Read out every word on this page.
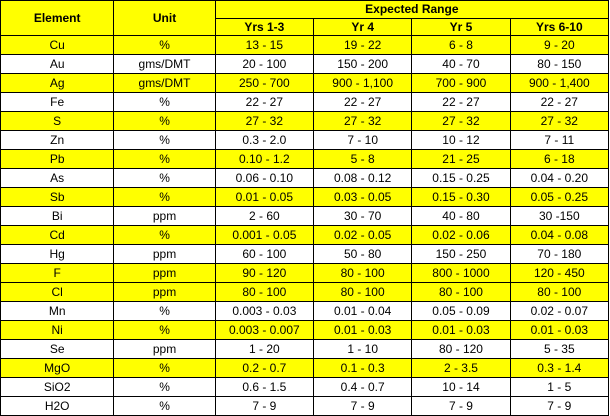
Element	Unit	Expected Range			
		Yrs 1-3	Yr 4	Yr 5	Yrs 6-10
Cu	%	13 - 15	19 - 22	6 - 8	9 - 20
Au	gms/DMT	20 - 100	150 - 200	40 - 70	80 - 150
Ag	gms/DMT	250 - 700	900 - 1,100	700 - 900	900 - 1,400
Fe	%	22 - 27	22 - 27	22 - 27	22 - 27
S	%	27 - 32	27 - 32	27 - 32	27 - 32
Zn	%	0.3 - 2.0	7 - 10	10 - 12	7 - 11
Pb	%	0.10 - 1.2	5 - 8	21 - 25	6 - 18
As	%	0.06 - 0.10	0.08 - 0.12	0.15 - 0.25	0.04 - 0.20
Sb	%	0.01 - 0.05	0.03 - 0.05	0.15 - 0.30	0.05 - 0.25
Bi	ppm	2 - 60	30 - 70	40 - 80	30 -150
Cd	%	0.001 - 0.05	0.02 - 0.05	0.02 - 0.06	0.04 - 0.08
Hg	ppm	60 - 100	50 - 80	150 - 250	70 - 180
F	ppm	90 - 120	80 - 100	800 - 1000	120 - 450
Cl	ppm	80 - 100	80 - 100	80 - 100	80 - 100
Mn	%	0.003 - 0.03	0.01 - 0.04	0.05 - 0.09	0.02 - 0.07
Ni	%	0.003 - 0.007	0.01 - 0.03	0.01 - 0.03	0.01 - 0.03
Se	ppm	1 - 20	1 - 10	80 - 120	5 - 35
MgO	%	0.2 - 0.7	0.1 - 0.3	2 - 3.5	0.3 - 1.4
SiO2	%	0.6 - 1.5	0.4 - 0.7	10 - 14	1 - 5
H2O	%	7 - 9	7 - 9	7 - 9	7 - 9
